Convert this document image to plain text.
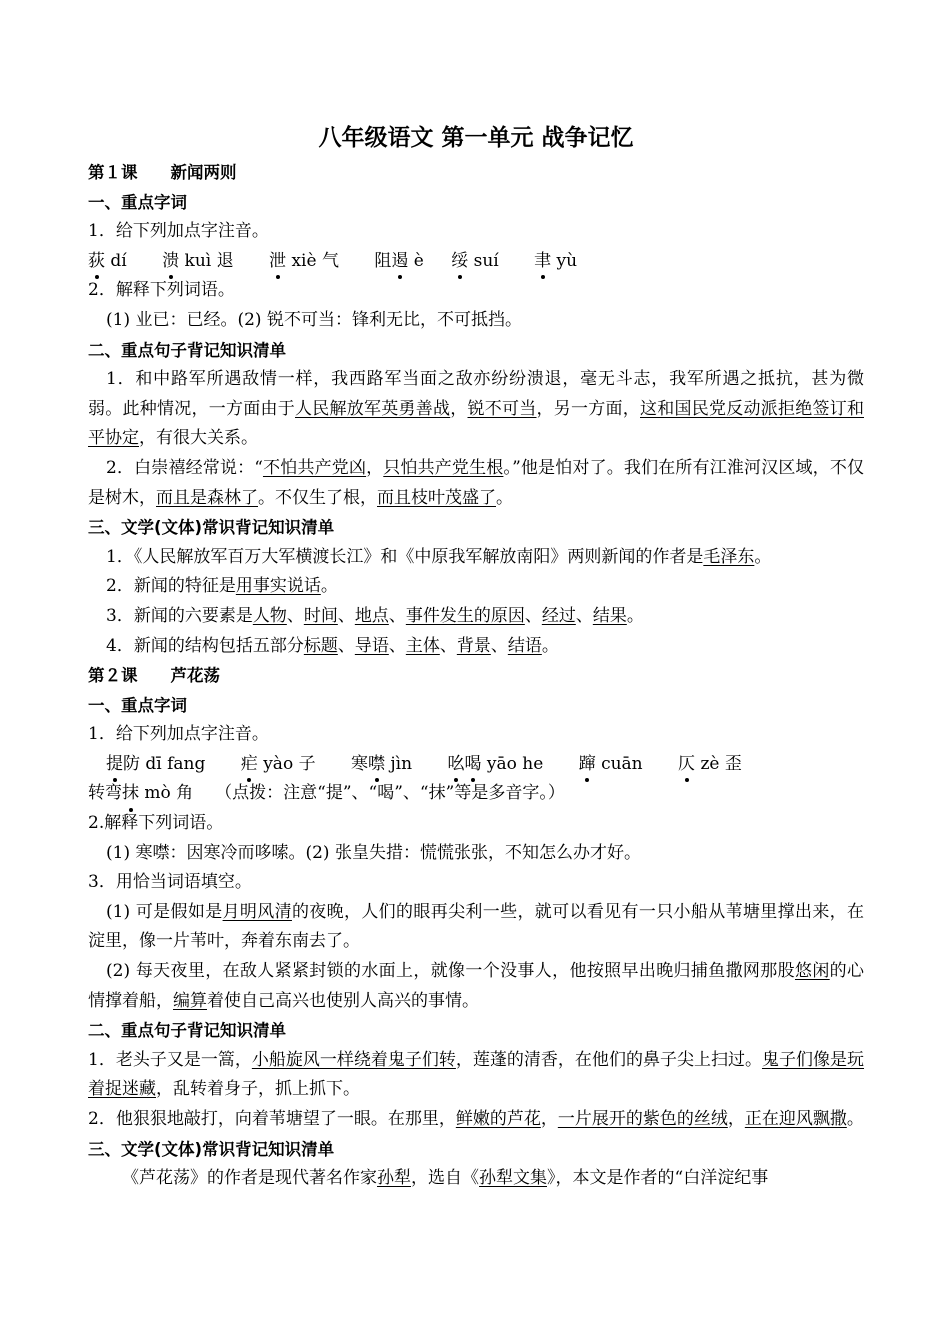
八年级语文 第一单元 战争记忆
第１课　　新闻两则
一、重点字词
1．给下列加点字注音。
荻 dí 溃 kuì 退 泄 xiè 气 阻遏 è 绥 suí 聿 yù
2．解释下列词语。
(1) 业已：已经。(2) 锐不可当：锋利无比，不可抵挡。
二、重点句子背记知识清单
1．和中路军所遇敌情一样，我西路军当面之敌亦纷纷溃退，毫无斗志，我军所遇之抵抗，甚为微弱。此种情况，一方面由于人民解放军英勇善战，锐不可当，另一方面，这和国民党反动派拒绝签订和平协定，有很大关系。
2．白崇禧经常说：“不怕共产党凶，只怕共产党生根。”他是怕对了。我们在所有江淮河汉区域，不仅是树木，而且是森林了。不仅生了根，而且枝叶茂盛了。
三、文学(文体)常识背记知识清单
1．《人民解放军百万大军横渡长江》和《中原我军解放南阳》两则新闻的作者是毛泽东。
2．新闻的特征是用事实说话。
3．新闻的六要素是人物、时间、地点、事件发生的原因、经过、结果。
4．新闻的结构包括五部分标题、导语、主体、背景、结语。
第２课　　芦花荡
一、重点字词
1．给下列加点字注音。
提防 dī fang 疟 yào 子 寒噤 jìn 吆喝 yāo he 蹿 cuān 仄 zè 歪
转弯抹 mò 角 （点拨：注意“提”、“喝”、“抹”等是多音字。）
2.解释下列词语。
(1) 寒噤：因寒冷而哆嗦。(2) 张皇失措：慌慌张张，不知怎么办才好。
3．用恰当词语填空。
(1) 可是假如是月明风清的夜晚，人们的眼再尖利一些，就可以看见有一只小船从苇塘里撑出来，在淀里，像一片苇叶，奔着东南去了。
(2) 每天夜里，在敌人紧紧封锁的水面上，就像一个没事人，他按照早出晚归捕鱼撒网那股悠闲的心情撑着船，编算着使自己高兴也使别人高兴的事情。
二、重点句子背记知识清单
1．老头子又是一篙，小船旋风一样绕着鬼子们转，莲蓬的清香，在他们的鼻子尖上扫过。鬼子们像是玩着捉迷藏，乱转着身子，抓上抓下。
2．他狠狠地敲打，向着苇塘望了一眼。在那里，鲜嫩的芦花，一片展开的紫色的丝绒，正在迎风飘撒。
三、文学(文体)常识背记知识清单
《芦花荡》的作者是现代著名作家孙犁，选自《孙犁文集》，本文是作者的“白洋淀纪事
